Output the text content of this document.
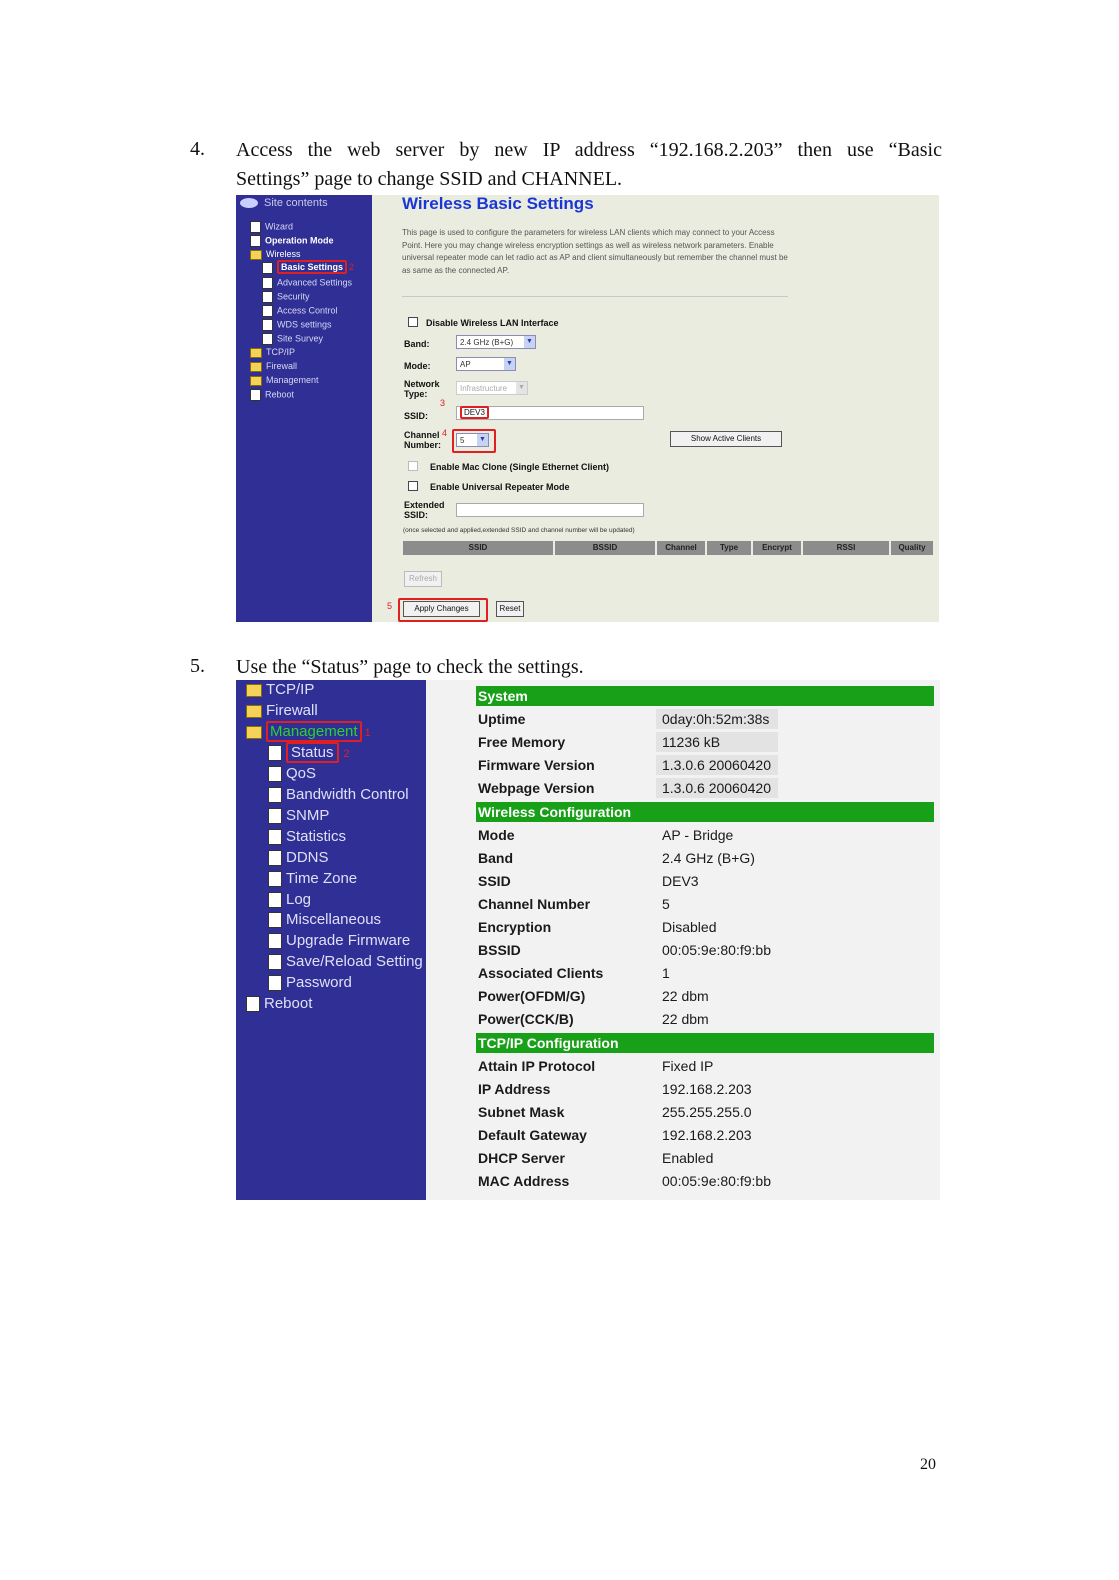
4. Access the web server by new IP address “192.168.2.203” then use “Basic
Settings” page to change SSID and CHANNEL.
Site contents
Wizard
Operation Mode
Wireless
Basic Settings 2
Advanced Settings
Security
Access Control
WDS settings
Site Survey
TCP/IP
Firewall
Management
Reboot
Wireless Basic Settings
This page is used to configure the parameters for wireless LAN clients which may connect to your Access Point. Here you may change wireless encryption settings as well as wireless network parameters. Enable universal repeater mode can let radio act as AP and client simultaneously but remember the channel must be as same as the connected AP.
Disable Wireless LAN Interface
Band:	2.4 GHz (B+G) ▼
Mode:	AP	▼
Network Type:
Infrastructure ▼
3
SSID:	DEV3
4
Channel Number:	5 ▼	Show Active Clients
Enable Mac Clone (Single Ethernet Client)
Enable Universal Repeater Mode
Extended SSID:
(once selected and applied,extended SSID and channel number will be updated)
SSID	BSSID	Channel	Type	Encrypt	RSSI	Quality
Refresh
5	Apply Changes	Reset
5. Use the “Status” page to check the settings.
TCP/IP
Firewall
Management 1
Status 2
QoS
Bandwidth Control
SNMP
Statistics
DDNS
Time Zone
Log
Miscellaneous
Upgrade Firmware
Save/Reload Setting
Password
Reboot
System
Uptime	0day:0h:52m:38s
Free Memory	11236 kB
Firmware Version	1.3.0.6 20060420
Webpage Version	1.3.0.6 20060420
Wireless Configuration
Mode	AP - Bridge
Band	2.4 GHz (B+G)
SSID	DEV3
Channel Number	5
Encryption	Disabled
BSSID	00:05:9e:80:f9:bb
Associated Clients	1
Power(OFDM/G)	22 dbm
Power(CCK/B)	22 dbm
TCP/IP Configuration
Attain IP Protocol	Fixed IP
IP Address	192.168.2.203
Subnet Mask	255.255.255.0
Default Gateway	192.168.2.203
DHCP Server	Enabled
MAC Address	00:05:9e:80:f9:bb
20
